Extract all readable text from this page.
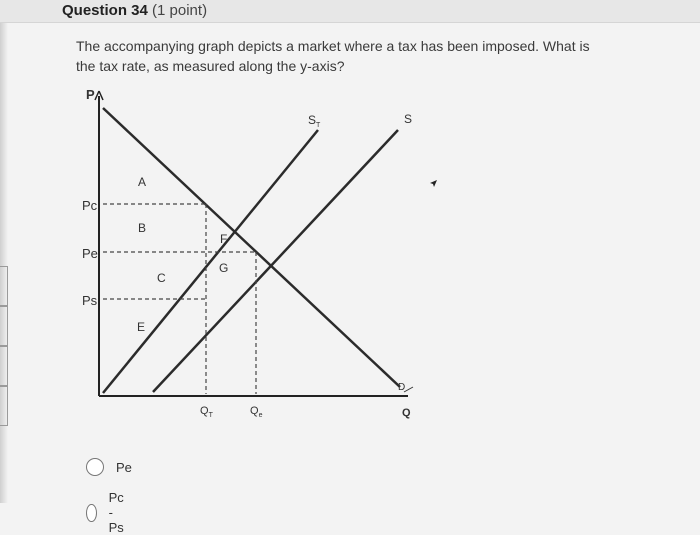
Question 34 (1 point)
The accompanying graph depicts a market where a tax has been imposed. What is
the tax rate, as measured along the y-axis?
P
Q
Pc
Pe
Ps
$Q_T$	$Q_e$
$S_T$	S
D
A
B
C
E
F
G
Pe
Pc - Ps
